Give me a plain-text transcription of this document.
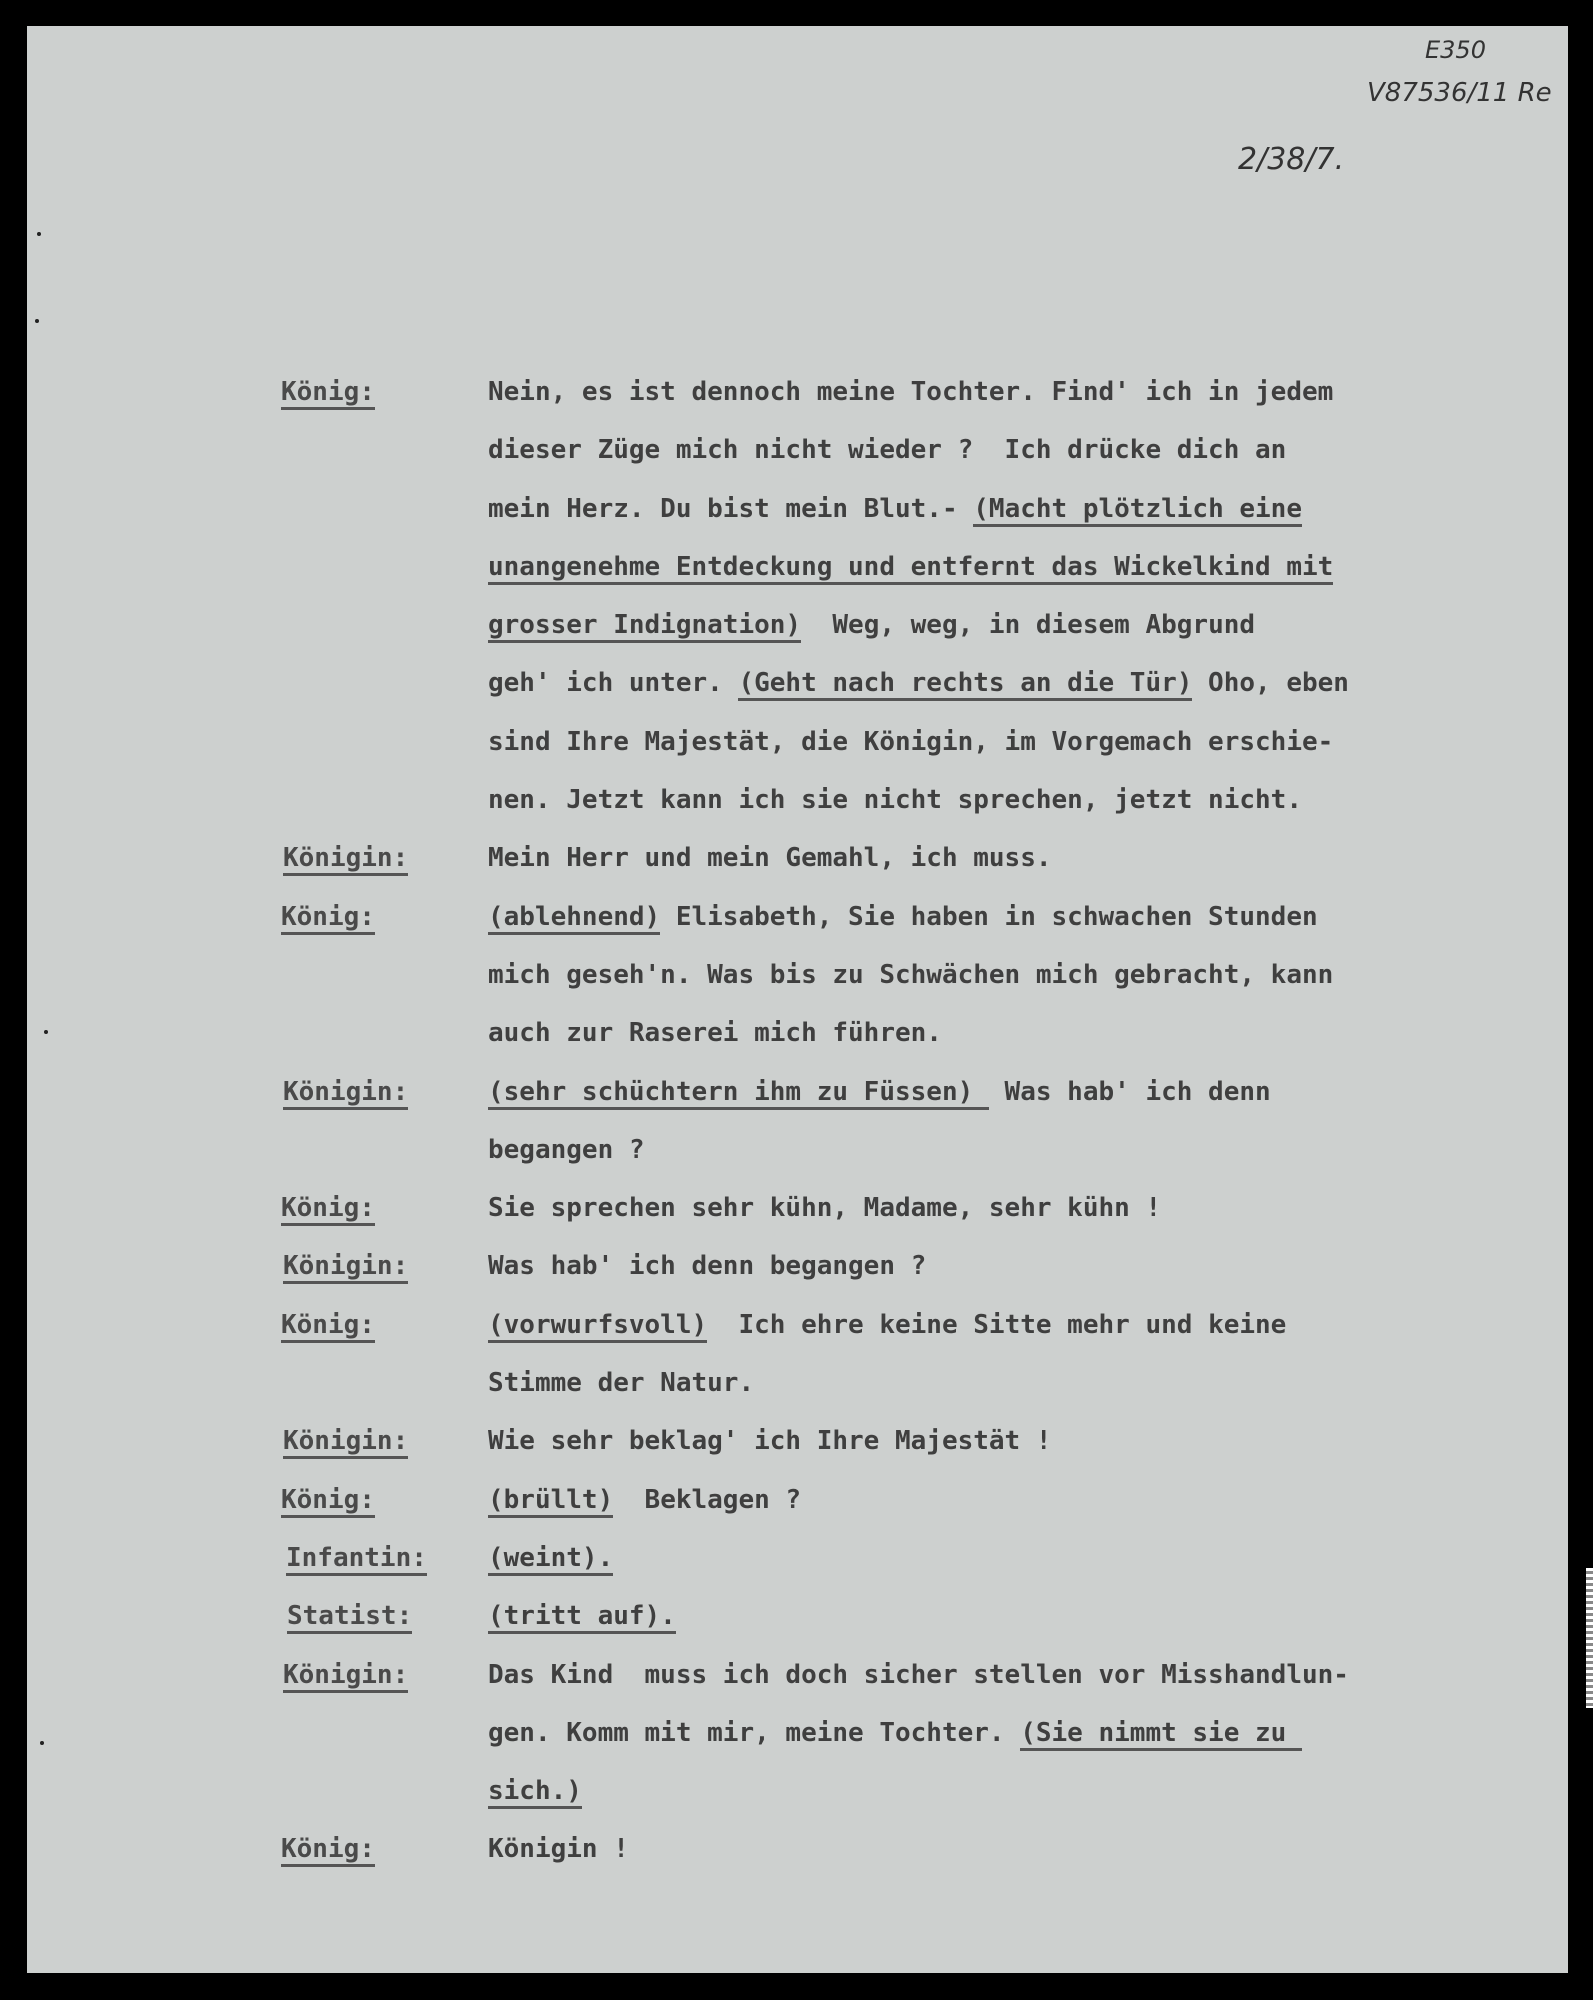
E350
V87536/11 Re
2/38/7.
König:	Nein, es ist dennoch meine Tochter. Find' ich in jedem
dieser Züge mich nicht wieder ?  Ich drücke dich an
mein Herz. Du bist mein Blut.- (Macht plötzlich eine
unangenehme Entdeckung und entfernt das Wickelkind mit
grosser Indignation)  Weg, weg, in diesem Abgrund
geh' ich unter. (Geht nach rechts an die Tür) Oho, eben
sind Ihre Majestät, die Königin, im Vorgemach erschie-
nen. Jetzt kann ich sie nicht sprechen, jetzt nicht.
Königin:	Mein Herr und mein Gemahl, ich muss.
König:	(ablehnend) Elisabeth, Sie haben in schwachen Stunden
mich geseh'n. Was bis zu Schwächen mich gebracht, kann
auch zur Raserei mich führen.
Königin:	(sehr schüchtern ihm zu Füssen)  Was hab' ich denn
begangen ?
König:	Sie sprechen sehr kühn, Madame, sehr kühn !
Königin:	Was hab' ich denn begangen ?
König:	(vorwurfsvoll)  Ich ehre keine Sitte mehr und keine
Stimme der Natur.
Königin:	Wie sehr beklag' ich Ihre Majestät !
König:	(brüllt)  Beklagen ?
Infantin: (weint).
Statist:	(tritt auf).
Königin:	Das Kind  muss ich doch sicher stellen vor Misshandlun-
gen. Komm mit mir, meine Tochter. (Sie nimmt sie zu
sich.)
König:	Königin !
